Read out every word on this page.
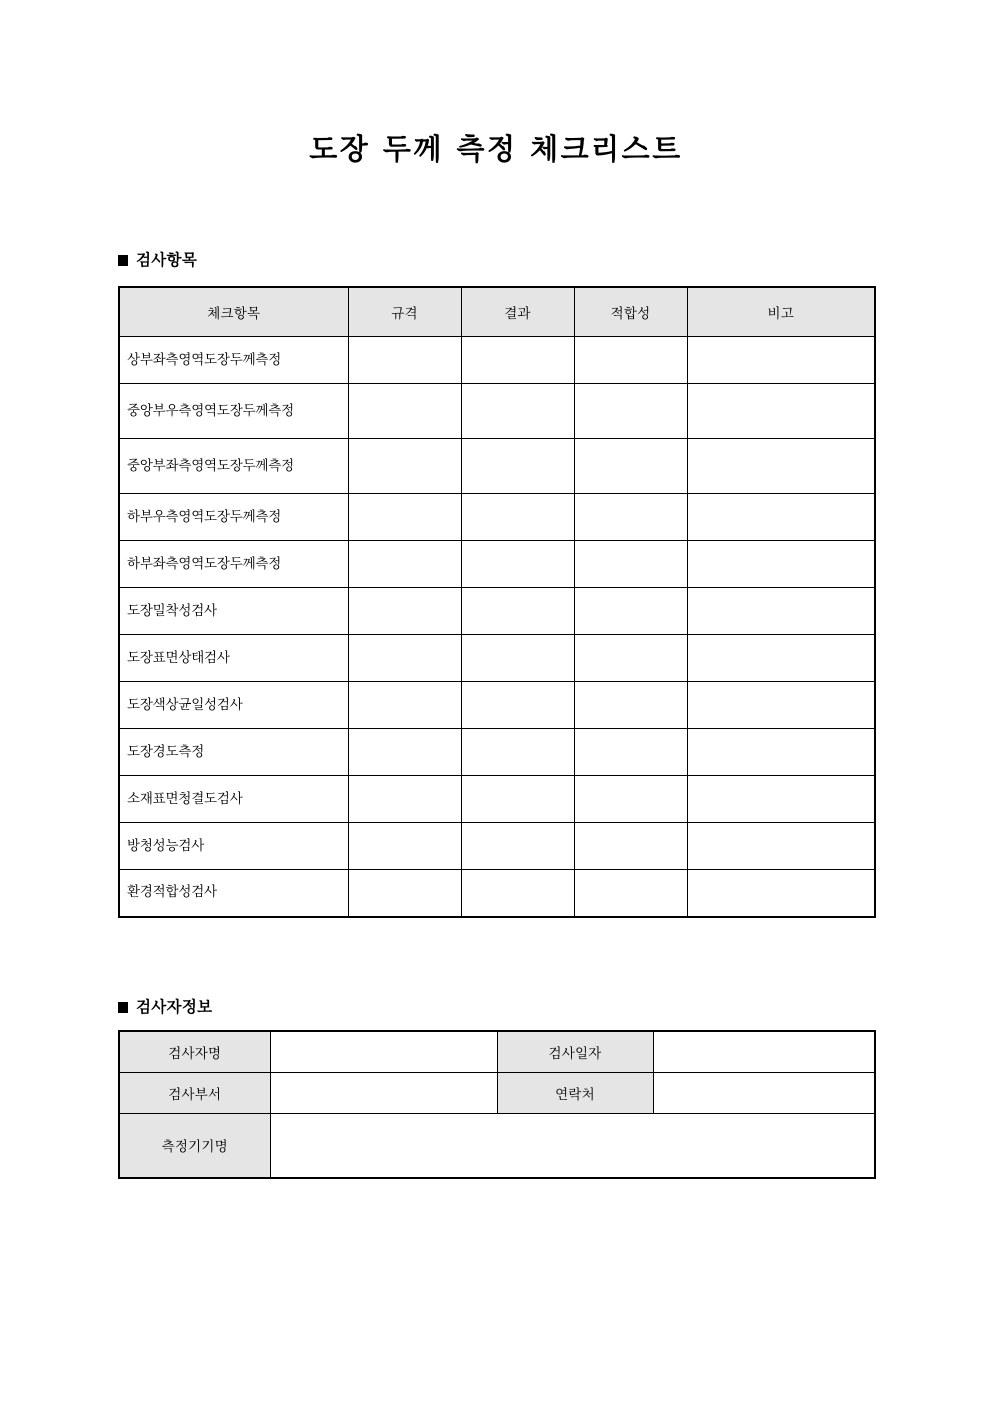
도장 두께 측정 체크리스트
검사항목
체크항목	규격	결과	적합성	비고
상부좌측영역도장두께측정				
중앙부우측영역도장두께측정				
중앙부좌측영역도장두께측정				
하부우측영역도장두께측정				
하부좌측영역도장두께측정				
도장밀착성검사				
도장표면상태검사				
도장색상균일성검사				
도장경도측정				
소재표면청결도검사				
방청성능검사				
환경적합성검사				
검사자정보
검사자명		검사일자	
검사부서		연락처	
측정기기명			
